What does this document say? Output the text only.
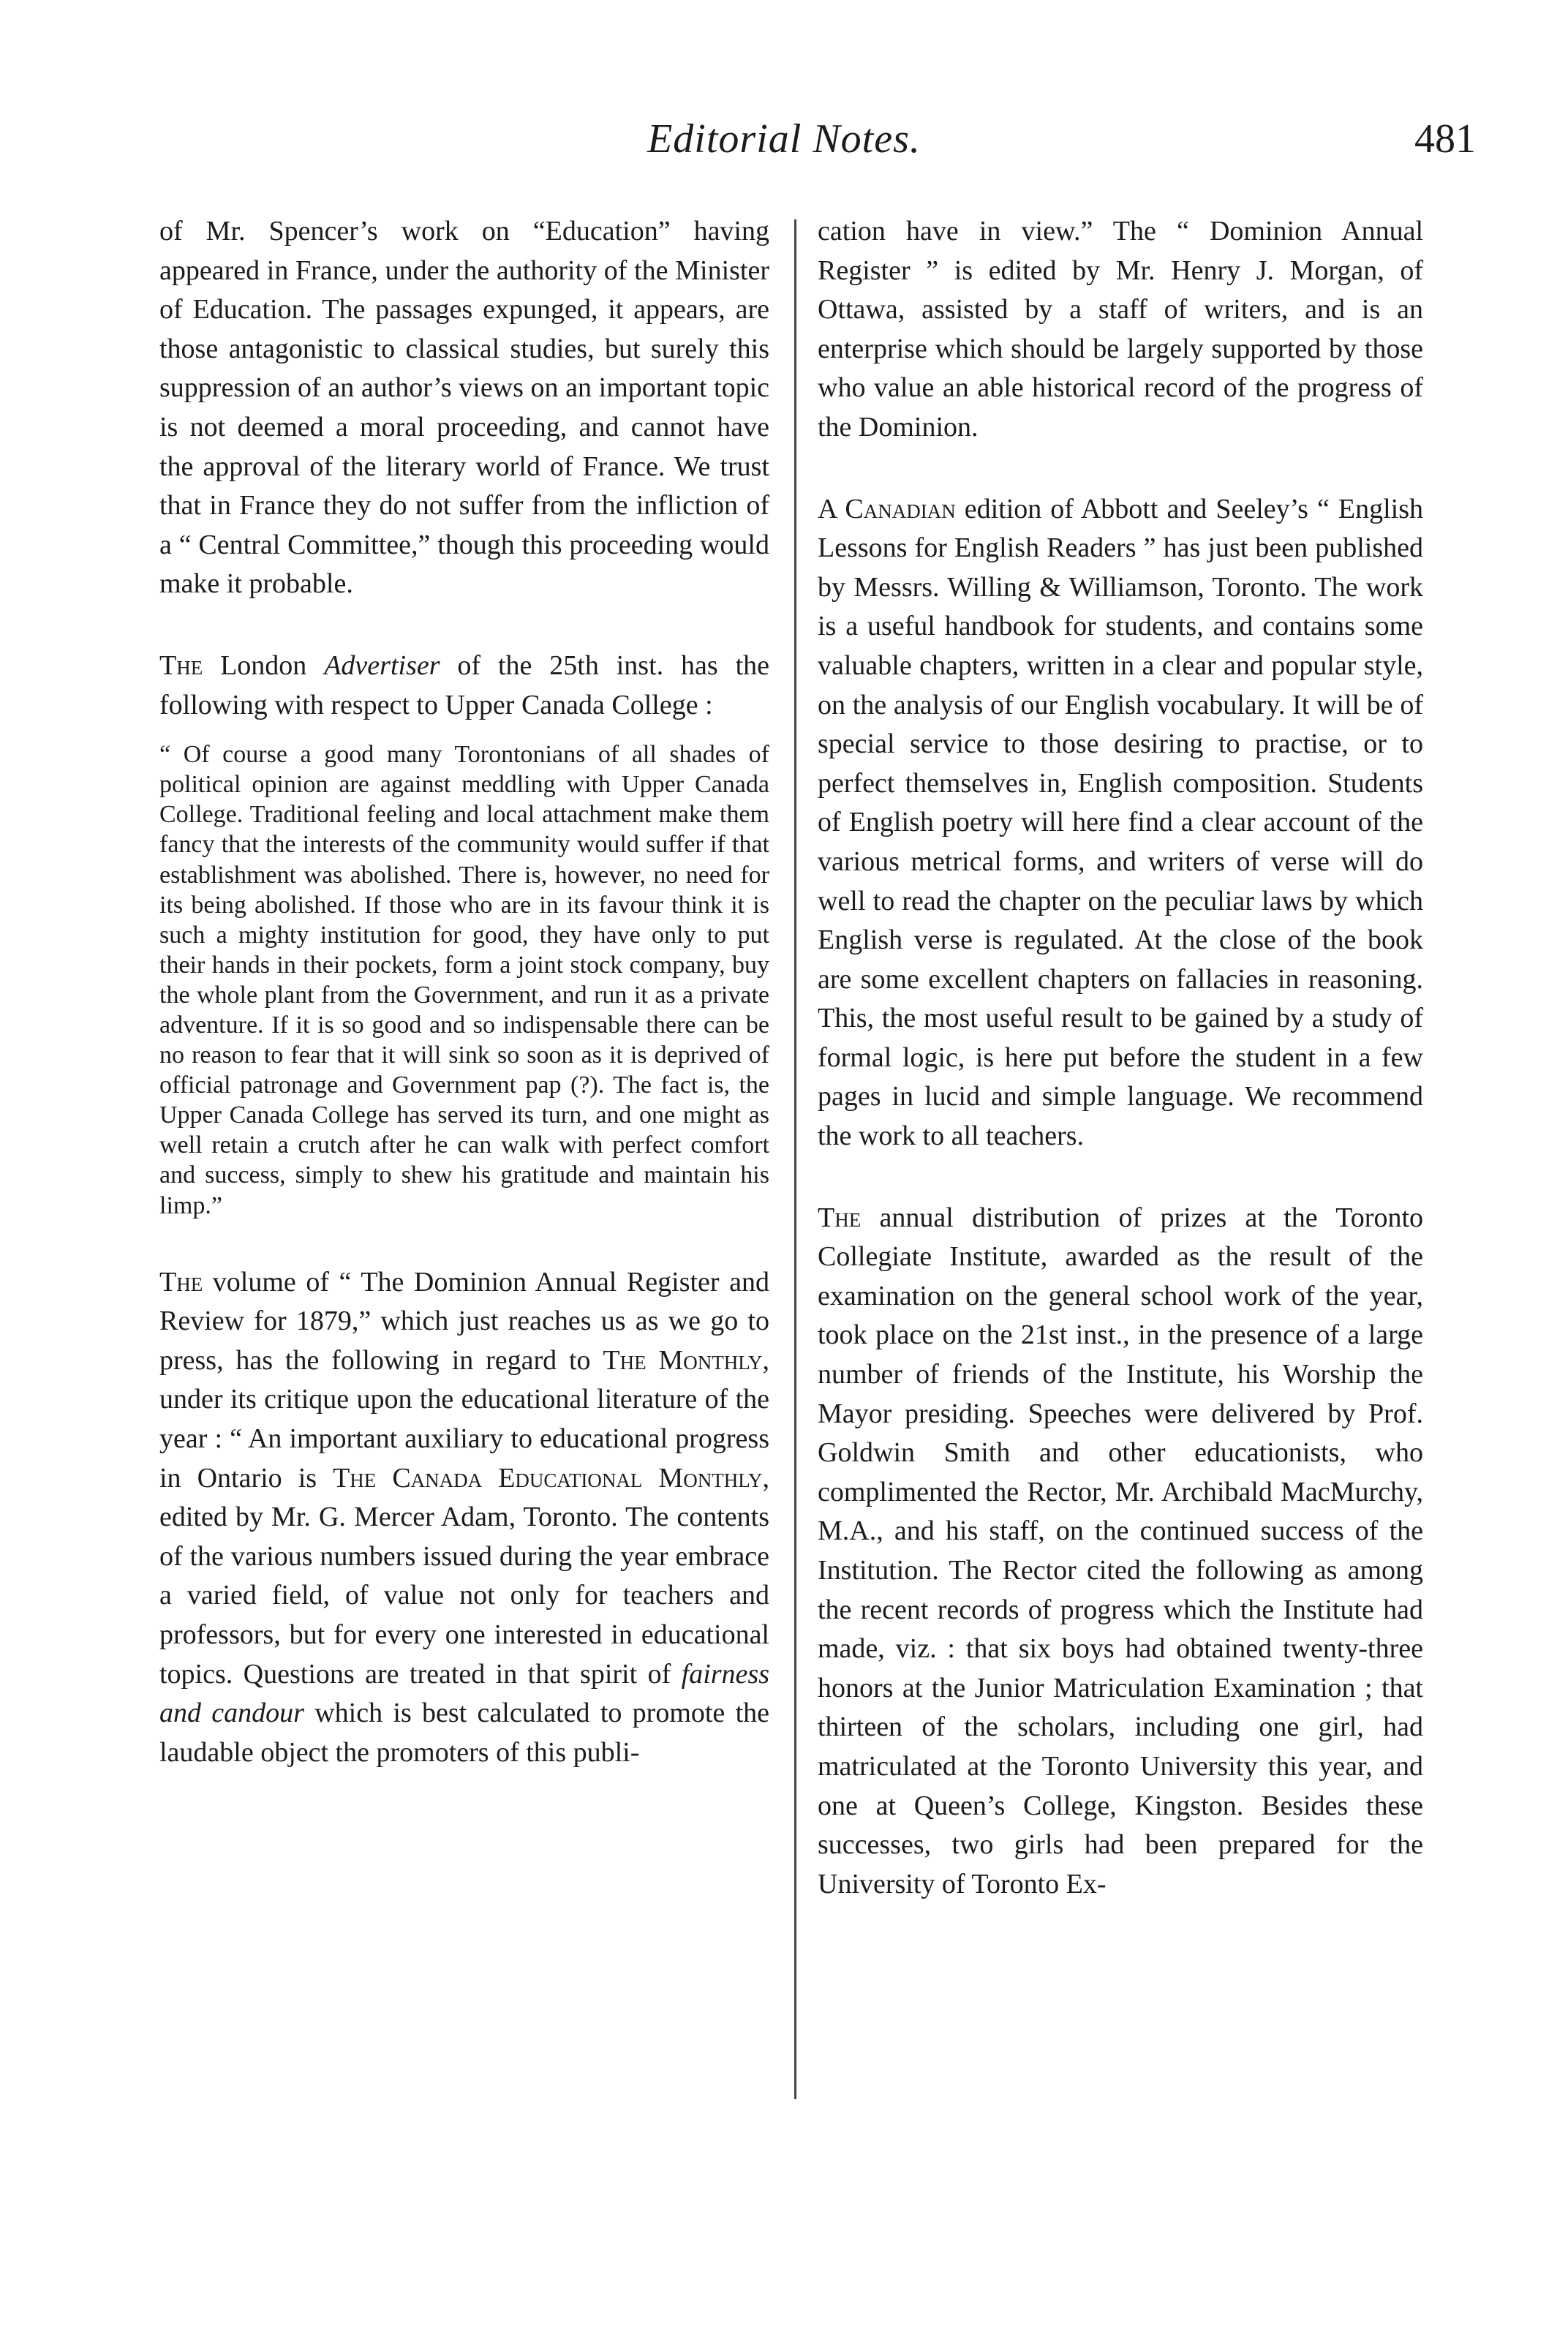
Editorial Notes.	481

of Mr. Spencer’s work on “Education” having appeared in France, under the authority of the Minister of Education. The passages expunged, it appears, are those antagonistic to classical studies, but surely this suppression of an author’s views on an important topic is not deemed a moral proceeding, and cannot have the approval of the literary world of France. We trust that in France they do not suffer from the infliction of a “ Central Committee,” though this proceeding would make it probable.

The London Advertiser of the 25th inst. has the following with respect to Upper Canada College :

“ Of course a good many Torontonians of all shades of political opinion are against meddling with Upper Canada College. Traditional feeling and local attachment make them fancy that the interests of the community would suffer if that establishment was abolished. There is, however, no need for its being abolished. If those who are in its favour think it is such a mighty institution for good, they have only to put their hands in their pockets, form a joint stock company, buy the whole plant from the Government, and run it as a private adventure. If it is so good and so indispensable there can be no reason to fear that it will sink so soon as it is deprived of official patronage and Government pap (?). The fact is, the Upper Canada College has served its turn, and one might as well retain a crutch after he can walk with perfect comfort and success, simply to shew his gratitude and maintain his limp.”

The volume of “ The Dominion Annual Register and Review for 1879,” which just reaches us as we go to press, has the following in regard to The Monthly, under its critique upon the educational literature of the year : “ An important auxiliary to educational progress in Ontario is The Canada Educational Monthly, edited by Mr. G. Mercer Adam, Toronto. The contents of the various numbers issued during the year embrace a varied field, of value not only for teachers and professors, but for every one interested in educational topics. Questions are treated in that spirit of fairness and candour which is best calculated to promote the laudable object the promoters of this publi-

cation have in view.” The “ Dominion Annual Register ” is edited by Mr. Henry J. Morgan, of Ottawa, assisted by a staff of writers, and is an enterprise which should be largely supported by those who value an able historical record of the progress of the Dominion.

A Canadian edition of Abbott and Seeley’s “ English Lessons for English Readers ” has just been published by Messrs. Willing & Williamson, Toronto. The work is a useful handbook for students, and contains some valuable chapters, written in a clear and popular style, on the analysis of our English vocabulary. It will be of special service to those desiring to practise, or to perfect themselves in, English composition. Students of English poetry will here find a clear account of the various metrical forms, and writers of verse will do well to read the chapter on the peculiar laws by which English verse is regulated. At the close of the book are some excellent chapters on fallacies in reasoning. This, the most useful result to be gained by a study of formal logic, is here put before the student in a few pages in lucid and simple language. We recommend the work to all teachers.

The annual distribution of prizes at the Toronto Collegiate Institute, awarded as the result of the examination on the general school work of the year, took place on the 21st inst., in the presence of a large number of friends of the Institute, his Worship the Mayor presiding. Speeches were delivered by Prof. Goldwin Smith and other educationists, who complimented the Rector, Mr. Archibald MacMurchy, M.A., and his staff, on the continued success of the Institution. The Rector cited the following as among the recent records of progress which the Institute had made, viz. : that six boys had obtained twenty-three honors at the Junior Matriculation Examination ; that thirteen of the scholars, including one girl, had matriculated at the Toronto University this year, and one at Queen’s College, Kingston. Besides these successes, two girls had been prepared for the University of Toronto Ex-
